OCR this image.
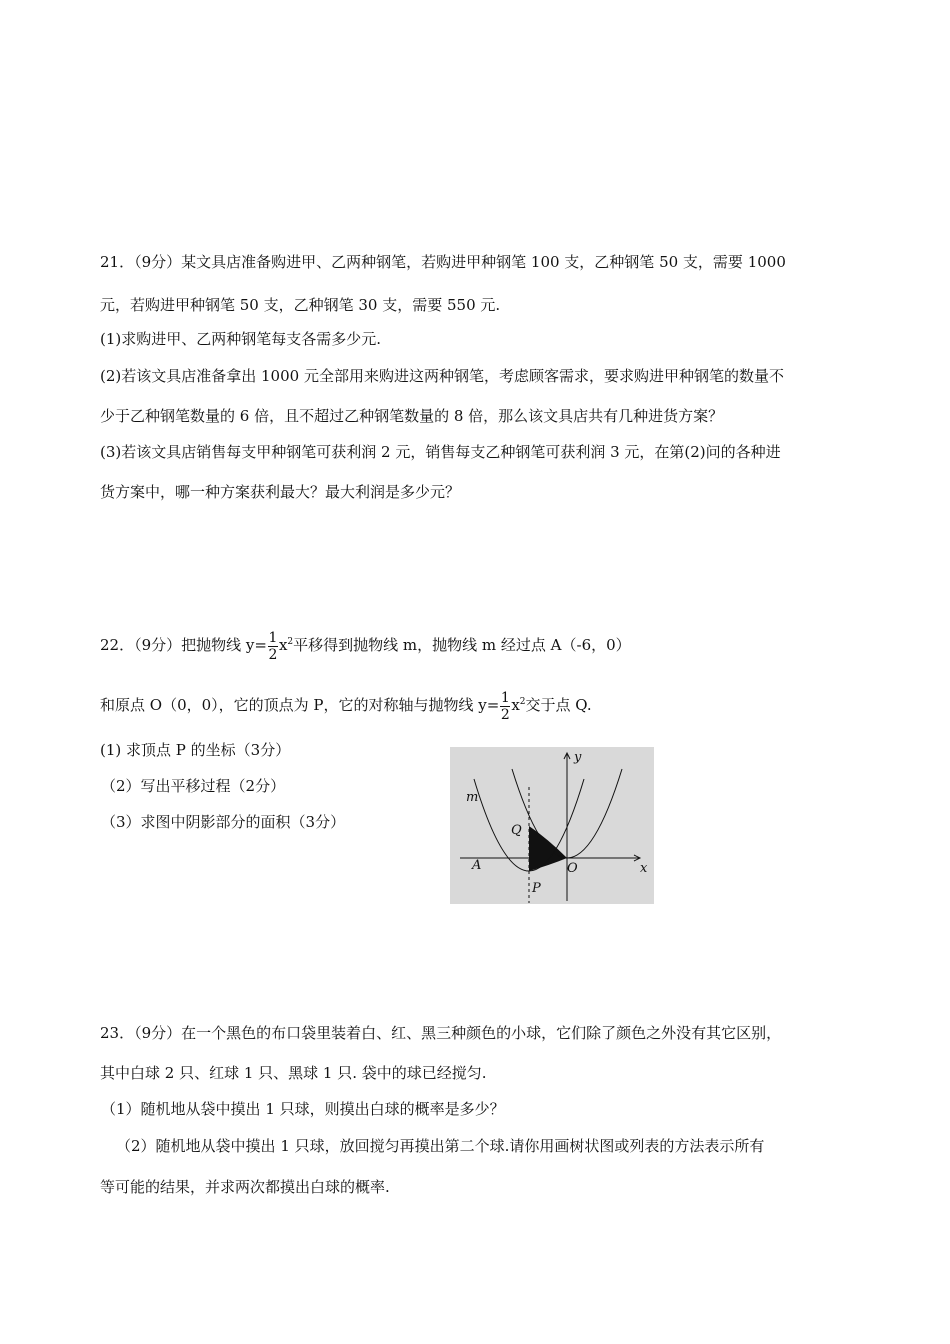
21．（9分）某文具店准备购进甲、乙两种钢笔，若购进甲种钢笔 100 支，乙种钢笔 50 支，需要 1000
元，若购进甲种钢笔 50 支，乙种钢笔 30 支，需要 550 元.
(1)求购进甲、乙两种钢笔每支各需多少元.
(2)若该文具店准备拿出 1000 元全部用来购进这两种钢笔，考虑顾客需求，要求购进甲种钢笔的数量不
少于乙种钢笔数量的 6 倍，且不超过乙种钢笔数量的 8 倍，那么该文具店共有几种进货方案？
(3)若该文具店销售每支甲种钢笔可获利润 2 元，销售每支乙种钢笔可获利润 3 元，在第(2)问的各种进
货方案中，哪一种方案获利最大？最大利润是多少元？
22．（9分）把抛物线 $y= \frac{1}{2} x^2$平移得到抛物线 m，抛物线 m 经过点 A（-6，0）
和原点 O（0，0），它的顶点为 P，它的对称轴与抛物线 $y= \frac{1}{2} x^2$交于点 Q.
(1) 求顶点 P 的坐标（3分）
（2）写出平移过程（2分）
（3）求图中阴影部分的面积（3分）
y
x
m
Q
O
P
A
23．（9分）在一个黑色的布口袋里装着白、红、黑三种颜色的小球，它们除了颜色之外没有其它区别，
其中白球 2 只、红球 1 只、黑球 1 只. 袋中的球已经搅匀.
（1）随机地从袋中摸出 1 只球，则摸出白球的概率是多少？
（2）随机地从袋中摸出 1 只球，放回搅匀再摸出第二个球.请你用画树状图或列表的方法表示所有
等可能的结果，并求两次都摸出白球的概率.
